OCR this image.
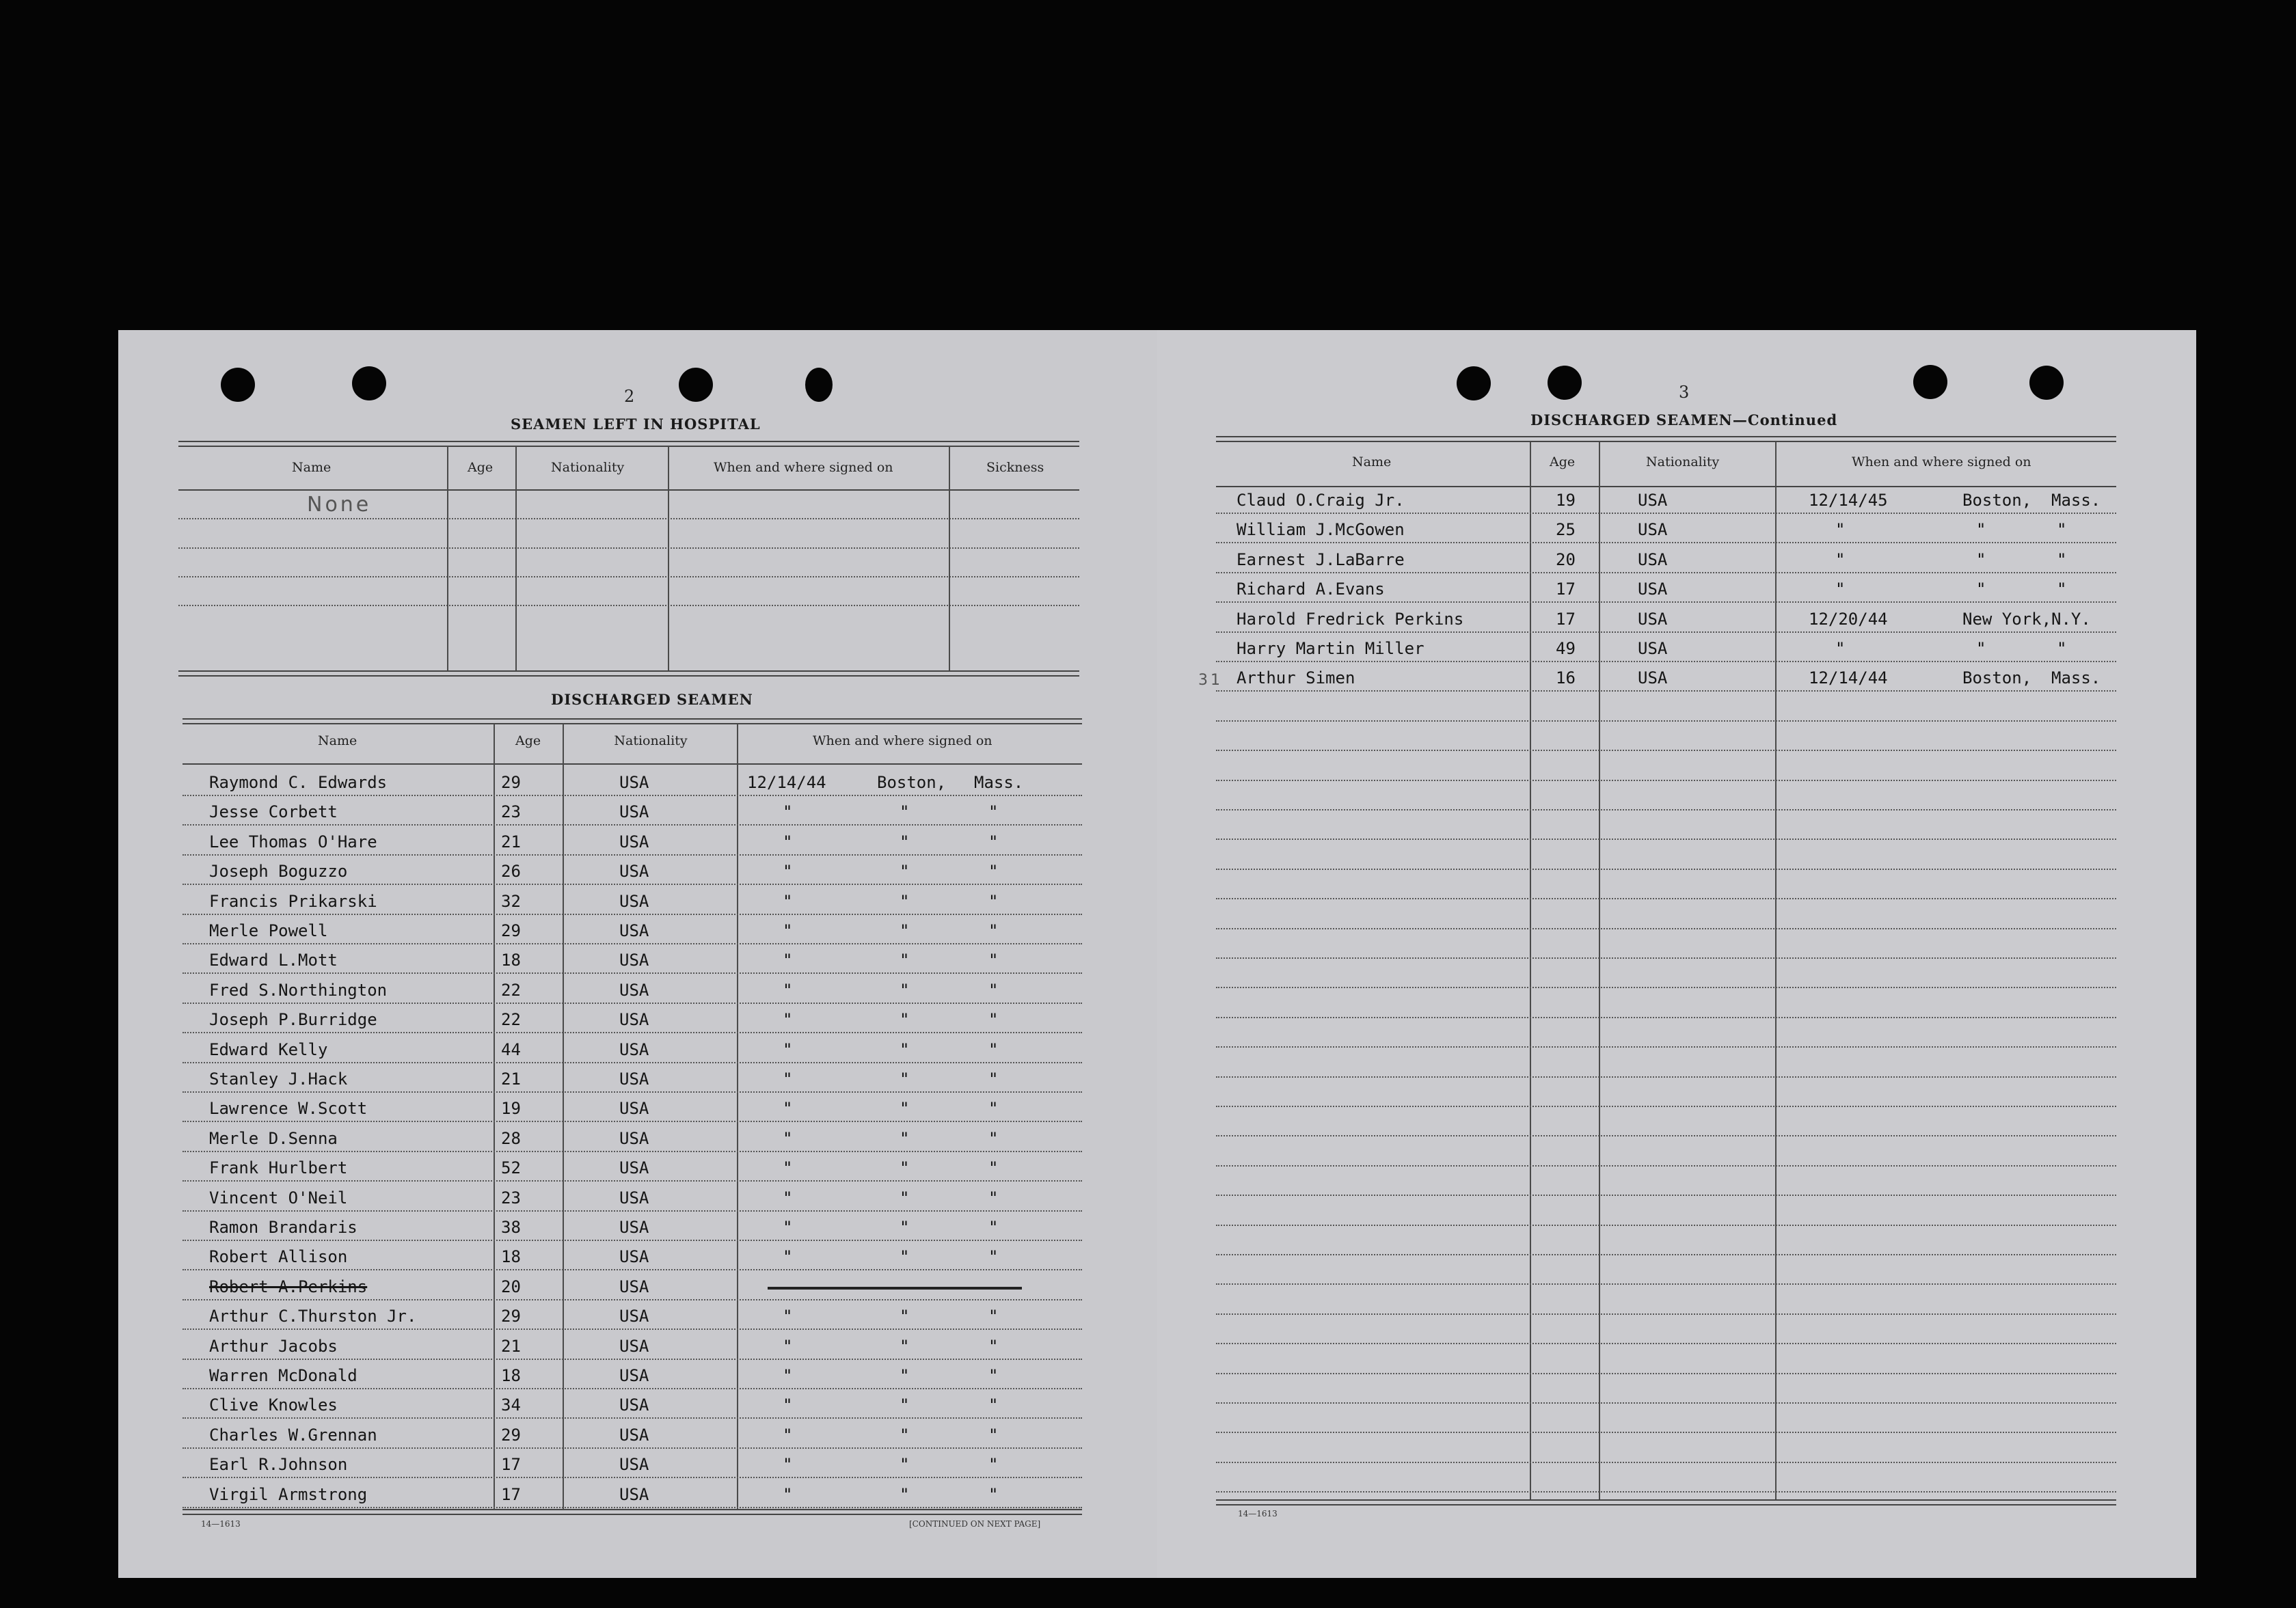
2
SEAMEN LEFT IN HOSPITAL
Name	Age	Nationality	When and where signed on	Sickness
None
DISCHARGED SEAMEN
Name	Age	Nationality	When and where signed on
Raymond C. Edwards	29	USA	12/14/44	Boston, Mass.
Jesse Corbett	23	USA	"	"	"
Lee Thomas O'Hare	21	USA	"	"	"
Joseph Boguzzo	26	USA	"	"	"
Francis Prikarski	32	USA	"	"	"
Merle Powell	29	USA	"	"	"
Edward L.Mott	18	USA	"	"	"
Fred S.Northington	22	USA	"	"	"
Joseph P.Burridge	22	USA	"	"	"
Edward Kelly	44	USA	"	"	"
Stanley J.Hack	21	USA	"	"	"
Lawrence W.Scott	19	USA	"	"	"
Merle D.Senna	28	USA	"	"	"
Frank Hurlbert	52	USA	"	"	"
Vincent O'Neil	23	USA	"	"	"
Ramon Brandaris	38	USA	"	"	"
Robert Allison	18	USA	"	"	"
Robert A.Perkins	20	USA
Arthur C.Thurston Jr.	29	USA	"	"	"
Arthur Jacobs	21	USA	"	"	"
Warren McDonald	18	USA	"	"	"
Clive Knowles	34	USA	"	"	"
Charles W.Grennan	29	USA	"	"	"
Earl R.Johnson	17	USA	"	"	"
Virgil Armstrong	17	USA	"	"	"
14—1613	[CONTINUED ON NEXT PAGE]
3
DISCHARGED SEAMEN—Continued
Name	Age	Nationality	When and where signed on
31
Claud O.Craig Jr.	19	USA	12/14/45	Boston, Mass.
William J.McGowen	25	USA	"	"	"
Earnest J.LaBarre	20	USA	"	"	"
Richard A.Evans	17	USA	"	"	"
Harold Fredrick Perkins	17	USA	12/20/44	New York, N.Y.
Harry Martin Miller	49	USA	"	"	"
Arthur Simen	16	USA	12/14/44	Boston, Mass.
14—1613
